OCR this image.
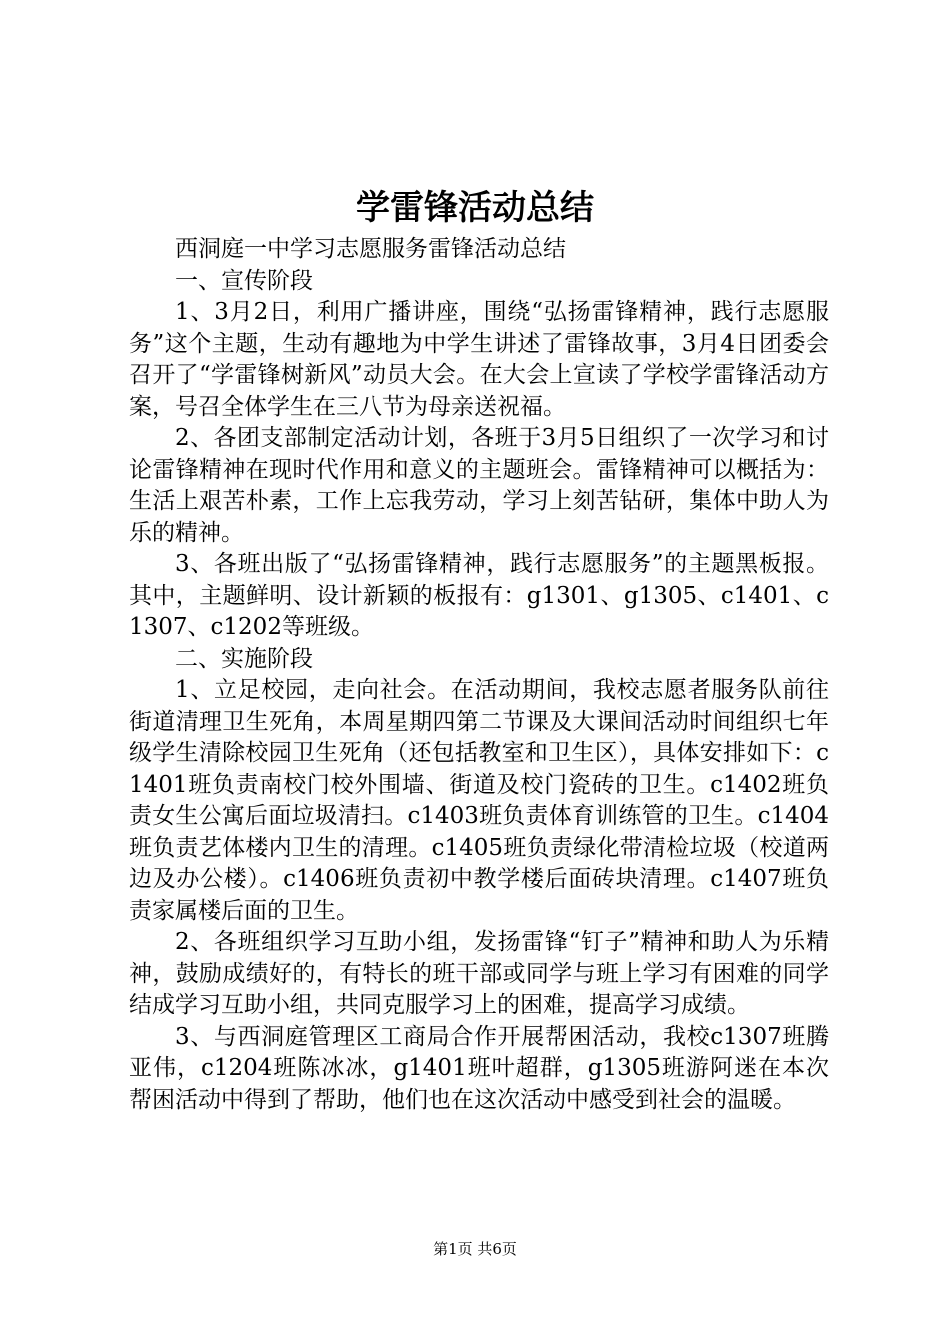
学雷锋活动总结

西洞庭一中学习志愿服务雷锋活动总结

一、宣传阶段

1、3月2日，利用广播讲座，围绕“弘扬雷锋精神，践行志愿服务”这个主题，生动有趣地为中学生讲述了雷锋故事，3月4日团委会召开了“学雷锋树新风”动员大会。在大会上宣读了学校学雷锋活动方案，号召全体学生在三八节为母亲送祝福。

2、各团支部制定活动计划，各班于3月5日组织了一次学习和讨论雷锋精神在现时代作用和意义的主题班会。雷锋精神可以概括为：生活上艰苦朴素，工作上忘我劳动，学习上刻苦钻研，集体中助人为乐的精神。

3、各班出版了“弘扬雷锋精神，践行志愿服务”的主题黑板报。其中，主题鲜明、设计新颖的板报有：g1301、g1305、c1401、c1307、c1202等班级。

二、实施阶段

1、立足校园，走向社会。在活动期间，我校志愿者服务队前往街道清理卫生死角，本周星期四第二节课及大课间活动时间组织七年级学生清除校园卫生死角（还包括教室和卫生区），具体安排如下：c1401班负责南校门校外围墙、街道及校门瓷砖的卫生。c1402班负责女生公寓后面垃圾清扫。c1403班负责体育训练管的卫生。c1404班负责艺体楼内卫生的清理。c1405班负责绿化带清检垃圾（校道两边及办公楼）。c1406班负责初中教学楼后面砖块清理。c1407班负责家属楼后面的卫生。

2、各班组织学习互助小组，发扬雷锋“钉子”精神和助人为乐精神，鼓励成绩好的，有特长的班干部或同学与班上学习有困难的同学结成学习互助小组，共同克服学习上的困难，提高学习成绩。

3、与西洞庭管理区工商局合作开展帮困活动，我校c1307班腾亚伟，c1204班陈冰冰，g1401班叶超群，g1305班游阿迷在本次帮困活动中得到了帮助，他们也在这次活动中感受到社会的温暖。

第1页 共6页
